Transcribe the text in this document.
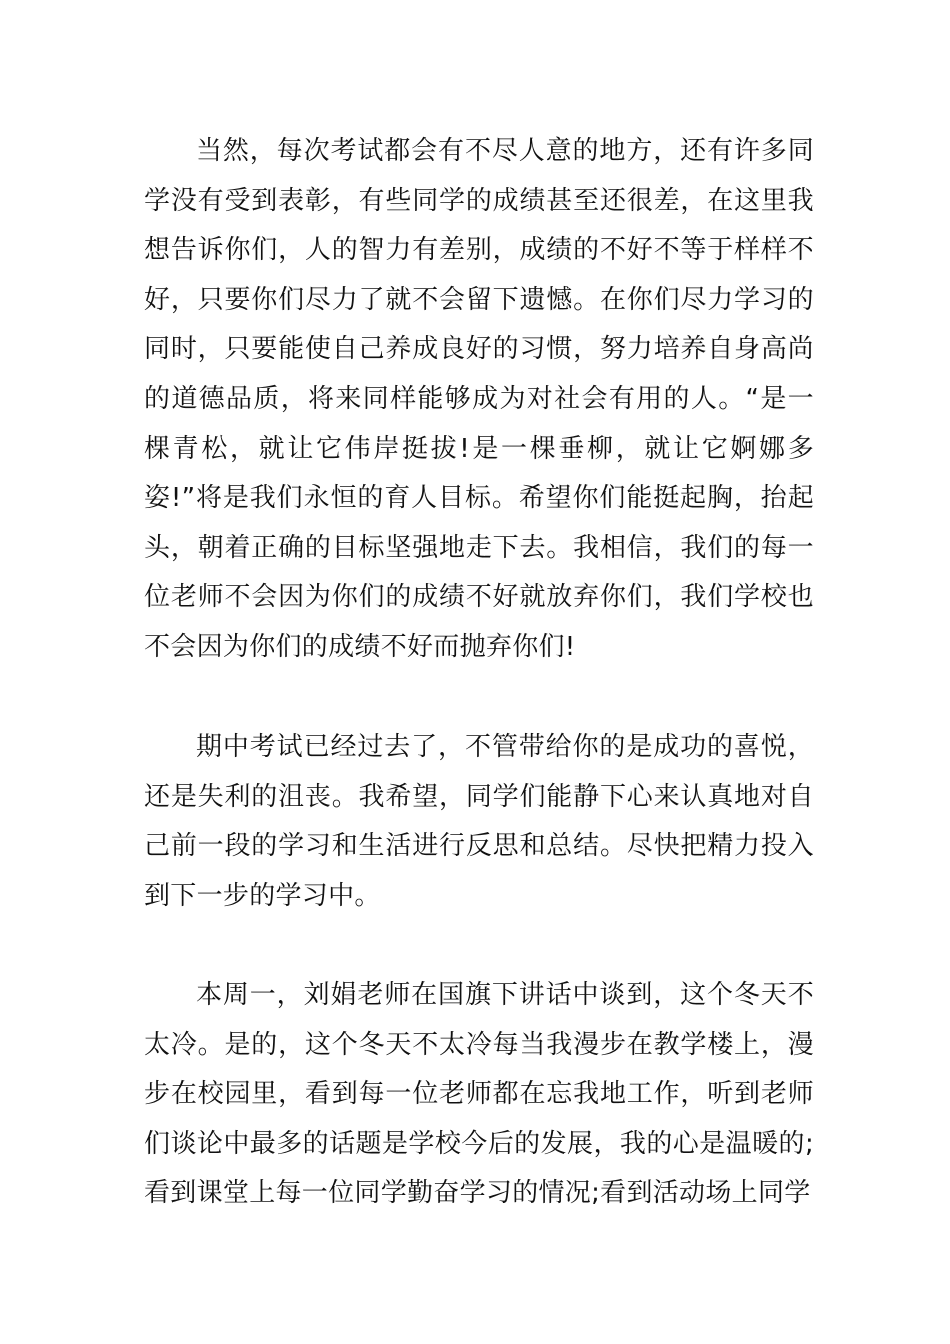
当然，每次考试都会有不尽人意的地方，还有许多同学没有受到表彰，有些同学的成绩甚至还很差，在这里我想告诉你们，人的智力有差别，成绩的不好不等于样样不好，只要你们尽力了就不会留下遗憾。在你们尽力学习的同时，只要能使自己养成良好的习惯，努力培养自身高尚的道德品质，将来同样能够成为对社会有用的人。“是一棵青松，就让它伟岸挺拔!是一棵垂柳，就让它婀娜多姿!”将是我们永恒的育人目标。希望你们能挺起胸，抬起头，朝着正确的目标坚强地走下去。我相信，我们的每一位老师不会因为你们的成绩不好就放弃你们，我们学校也不会因为你们的成绩不好而抛弃你们!

期中考试已经过去了，不管带给你的是成功的喜悦，还是失利的沮丧。我希望，同学们能静下心来认真地对自己前一段的学习和生活进行反思和总结。尽快把精力投入到下一步的学习中。

本周一，刘娟老师在国旗下讲话中谈到，这个冬天不太冷。是的，这个冬天不太冷每当我漫步在教学楼上，漫步在校园里，看到每一位老师都在忘我地工作，听到老师们谈论中最多的话题是学校今后的发展，我的心是温暖的;看到课堂上每一位同学勤奋学习的情况;看到活动场上同学
